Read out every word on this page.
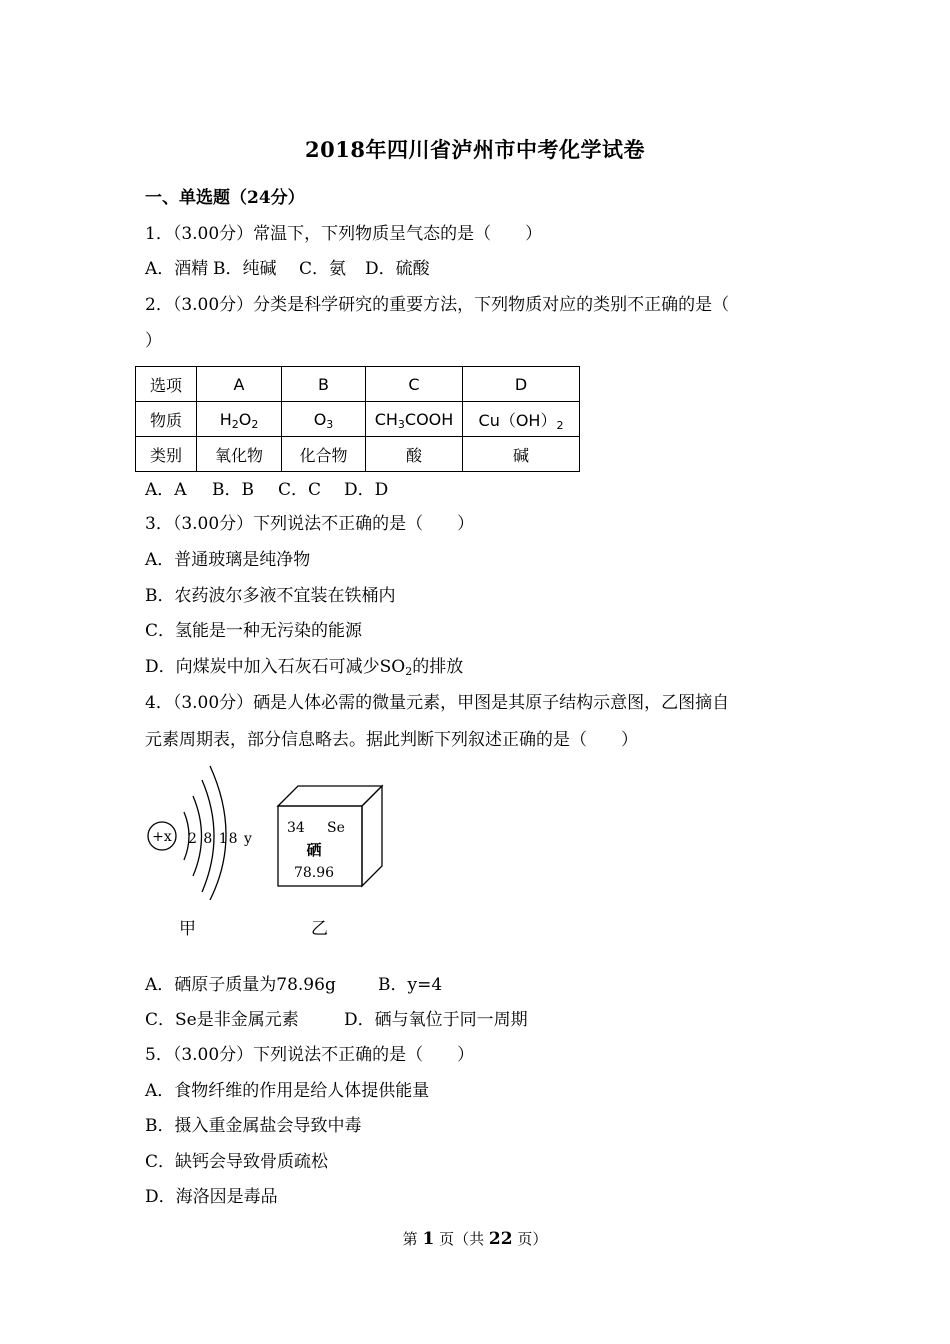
2018年四川省泸州市中考化学试卷
一、单选题（24分）
1．（3.00分）常温下，下列物质呈气态的是（　　）
A．酒精 B．纯碱 C．氨 D．硫酸
2．（3.00分）分类是科学研究的重要方法，下列物质对应的类别不正确的是（
）
选项	A	B	C	D
物质	$H_2O_2$	$O_3$	$CH_3COOH$	$Cu(OH)_2$
类别	氧化物	化合物	酸	碱
A．A B．B C．C D．D
3．（3.00分）下列说法不正确的是（　　）
A．普通玻璃是纯净物
B．农药波尔多液不宜装在铁桶内
C．氢能是一种无污染的能源
D．向煤炭中加入石灰石可减少$SO_2$的排放
4．（3.00分）硒是人体必需的微量元素，甲图是其原子结构示意图，乙图摘自
元素周期表，部分信息略去。据此判断下列叙述正确的是（　　）
+x 2 8 18 y
34 Se
硒
78.96
甲	乙
A．硒原子质量为78.96g B．y=4
C．Se是非金属元素	D．硒与氧位于同一周期
5．（3.00分）下列说法不正确的是（　　）
A．食物纤维的作用是给人体提供能量
B．摄入重金属盐会导致中毒
C．缺钙会导致骨质疏松
D．海洛因是毒品
第 1 页（共 22 页）
